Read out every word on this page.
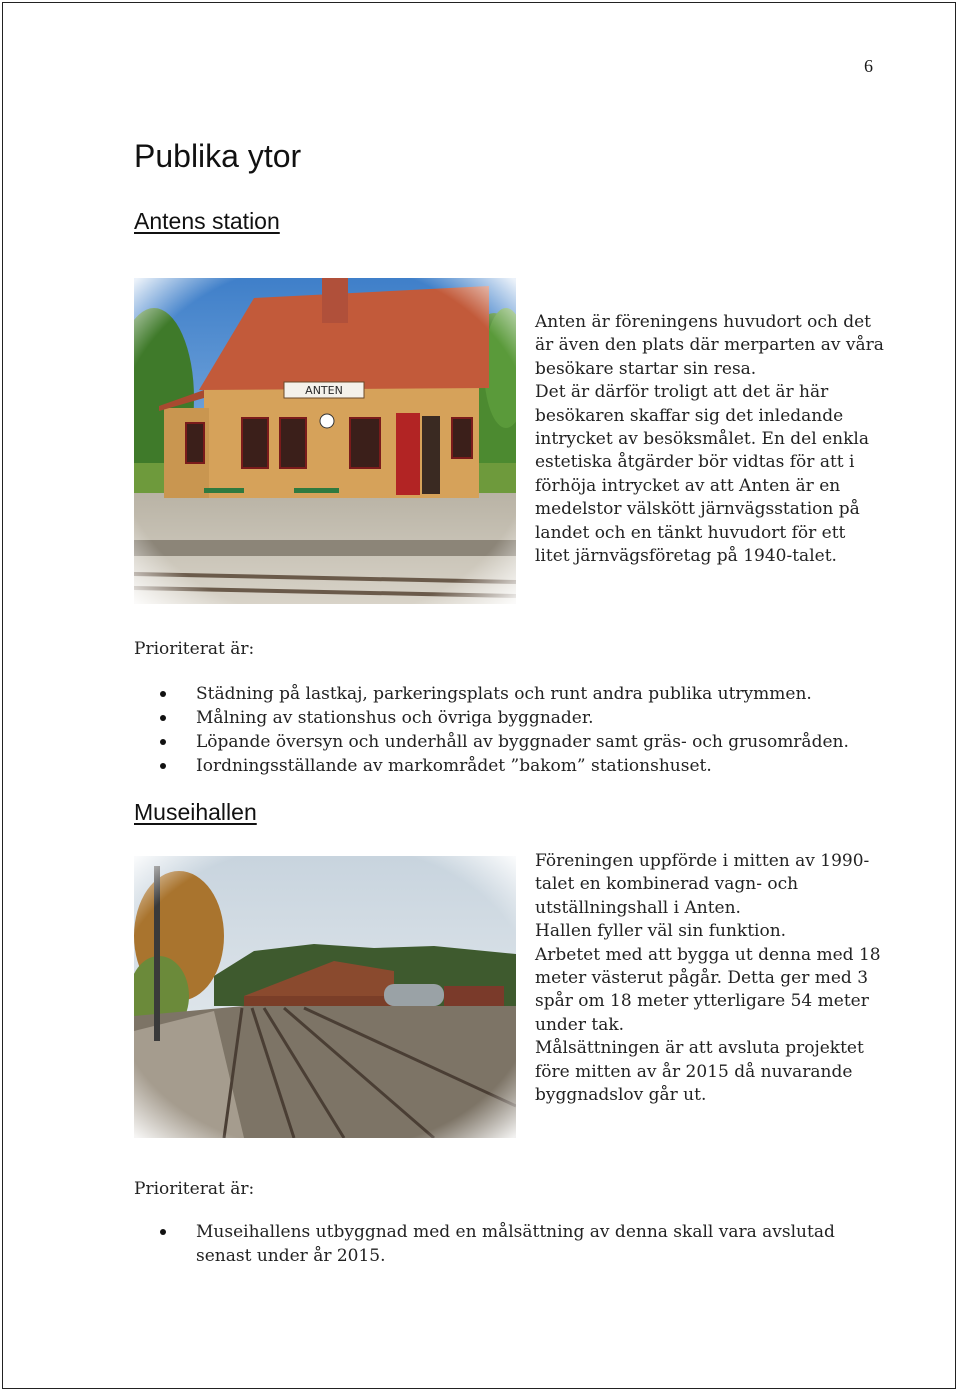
6
Publika ytor
Antens station
Anten är föreningens huvudort och det
är även den plats där merparten av våra
besökare startar sin resa.
Det är därför troligt att det är här
besökaren skaffar sig det inledande
intrycket av besöksmålet. En del enkla
estetiska åtgärder bör vidtas för att i
förhöja intrycket av att Anten är en
medelstor välskött järnvägsstation på
landet och en tänkt huvudort för ett
litet järnvägsföretag på 1940-talet.
Prioriterat är:
Städning på lastkaj, parkeringsplats och runt andra publika utrymmen.
Målning av stationshus och övriga byggnader.
Löpande översyn och underhåll av byggnader samt gräs- och grusområden.
Iordningsställande av markområdet ”bakom” stationshuset.
Museihallen
Föreningen uppförde i mitten av 1990-
talet en kombinerad vagn- och
utställningshall i Anten.
Hallen fyller väl sin funktion.
Arbetet med att bygga ut denna med 18
meter västerut pågår. Detta ger med 3
spår om 18 meter ytterligare 54 meter
under tak.
Målsättningen är att avsluta projektet
före mitten av år 2015 då nuvarande
byggnadslov går ut.
Prioriterat är:
Museihallens utbyggnad med en målsättning av denna skall vara avslutad
senast under år 2015.
